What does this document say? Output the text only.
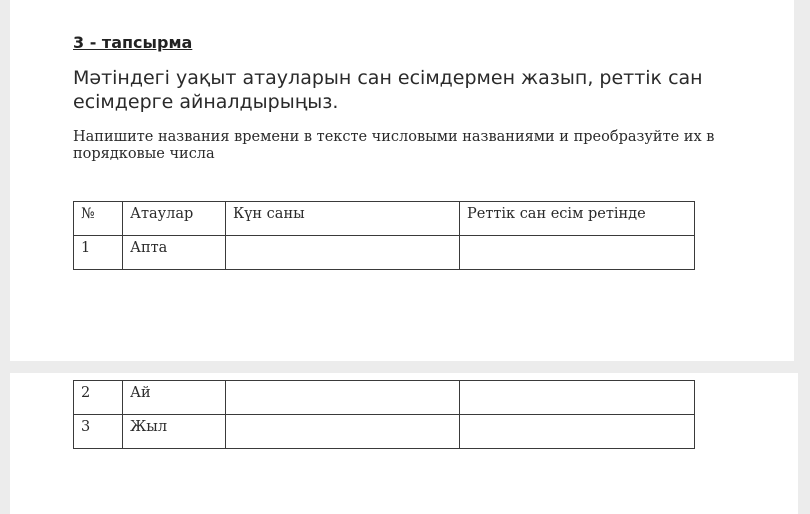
3 - тапсырма
Мәтіндегі уақыт атауларын сан есімдермен жазып, реттік сан есімдерге айналдырыңыз.
Напишите названия времени в тексте числовыми названиями и преобразуйте их в порядковые числа
№	Атаулар	Күн саны	Реттік сан есім ретінде
1	Апта		
2	Ай		
3	Жыл		
